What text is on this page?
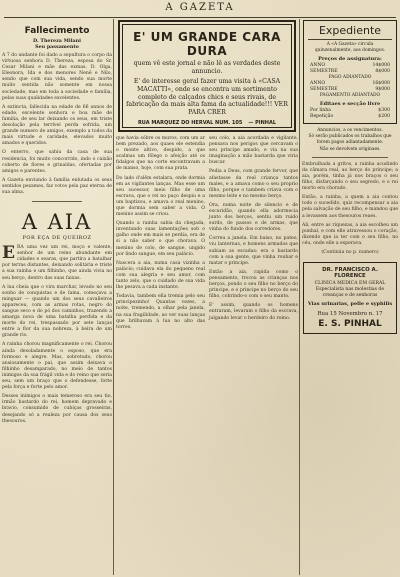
A GAZETA
Fallecimento
D. Thereza Milani
Seu passamento

A 7 do andante foi dado a sepultura o corpo da virtuosa senhora D. Thereza, esposa do Sr. Cesar Milani e mãe das exmas. D. Olga, Eleonora, Ida e dos menores Nenê e Nilo, sendo que com sua vida, sendo sua morte muito sentida não somente em nossa sociedade, mas em toda a sociedade e família, pelas suas qualidades excelentes.

A extincta, fallecida na edade de 66 annos de edade, excelente senhora e boa mãe de família, de seu lar deixando os seus, em triste desolação pela terrível perda sofrida, um grande numero de amigos, exemplo a todos da mais virtude e caridade, elevados muito amados e queridos.

O enterro, que sahiu da casa de sua residencia, foi muito concorrido, indo o caixão coberto de flores e grinaldas, ofertadas por amigos e parentes.

A Gazeta enviando à família enlutada os seus sentidos pezames, faz votos pela paz eterna de sua alma.

A AIA
POR EÇA DE QUEIROZ

ERA uma vez um rei, moço e valente, senhor de um reino abundante em cidades e searas, que partira a batalhar por terras distantes, deixando solitária e triste a sua rainha e um filhinho, que ainda vivia no seu berço, dentro das suas faixas.

A lua cheia que o vira marchar, levado no seu sonho de conquistas e de fama, começava a minguar — quando um dos seus cavalleiros appareceu, com as armas rotas, negro do sangue seco e do pó dos caminhos, trazendo a amarga nova de uma batalha perdida e da morte do rei, trespassado por sete lanças entre a flor da sua nobreza, à beira de um grande rio.

A rainha chorou magnificamente o rei. Chorou ainda desoladamente o esposo, que era formoso e alegre. Mas, sobretudo, chorou ansiosamente o pai, que assim deixava o filhinho desamparado, no meio de tantos inimigos da sua frágil vida e do reino que seria seu, sem um braço que o defendesse, forte pela força e forte pelo amor.

Desses inimigos o mais temeroso era seu tio, irmão bastardo do rei, homem depravado e bravio, consumido de cubiças grosseiras, desejando só a realeza por causa dos seus thesouros.

E' UM GRANDE CARA DURA
quem vê este jornal e não lê as verdades deste annuncio.
E' de interesse geral fazer uma visita à «CASA MACATTI», onde se encontra um sortimento completo de calçados chics e seus rivais, de fabricação da mais alta fama da actualidade!!! VER PARA CRER
RUA MARQUEZ DO HERVAL NUM. 105 — PINHAL

que havia sóbre os muros, com um ar bem prezado, aos quaes ele estendia o monte altivo, despido, a que acalmas um fôlego o afeição até os fidalgos que na corte encontravam a de manso, hoje, com sua prata.

Do lado d'alêm estalara, onde dormia em as vigilantes lanças. Mas esse um seu sucessor, meio filho de uma escrava, que o rei no paço despiu e a um baptizou, e amava o real menino, que dormia sem saber a vida. O menino assim se criou.

Quando a rainha sabia da chegada, inventando suas lamentações sob o galho onde em mais se perdia, era de si a não saber o que chorava. O menino de colo, de sangue, ungido por lindo sangue, em seu palácio.

Nascera a aia, numa casa vizinha a palácio; cuidava ela do pequeno real com sua alegria e seu amor, com tanto zelo, que o cuidado de sua vida lhe pesava a cada instante.

Todavia, tambem ella tremia pelo seu principezinho! Quantas vezes, a noite, tremendo, a olhar pela janela, na sua fragilidade, ao ver suas lanças que brilhavam à lua no alto das torres.

seu colo, a aia acordada e vigilante, pensava nos perigos que cercavam o seu principe amado, e via na sua imaginação a mão bastarda que viria buscar.

Pedia a Deus, com grande fervor, que afastasse da real criança tantos males, e a amava como o seu proprio filho, porque o tambem criava com o mesmo leite e no mesmo berço.

Ora, numa noite de silencio e de escuridão, quando ella adormecia junto dos berços, sentiu um ruido surdo, de passos e de armas, que vinha do fundo dos corredores.

Correu a janela. Em baixo, no pateo, viu lanternas, e homens armados que subiam as escadas: era o bastardo com a sua gente, que vinha roubar e matar o principe.

Então a aia, rapida como o pensamento, trocou as crianças nos berços, pondo o seu filho no berço do principe, e o principe no berço do seu filho, cobrindo-o com o seu manto.

E' assim, quando os homens entraram, levaram o filho da escrava, julgando levar o herdeiro do reino.

Expediente
A «A Gazeta» circula quinzenalmente, aos domingos.
Preços de assignatura:
ANNO	14$000
SEMESTRE	8$000
PAGO ADIANTADO
ANNO	16$000
SEMESTRE	9$000
PAGAMENTO ADIANTADO
Editaes e secção livre
Por linha	$300
Repetição	$200

Annuncios, a os vencimentos.
Só serão publicados os trabalhos que forem pagos adiantadamente.

Não se devolvem originaes.

Embrulhada a gritos, a rainha acudindo da câmara real, ao berço do principe; a aia, porém, tinha já nos braços o seu filho, disfarçando o seu segredo, e o rei morto era chorado.

Então, a rainha, a quem a aia contou todo o sucedido, quiz recompensar a aia pela salvação de seu filho, e mandou que a levassem aos thesouros reaes.

Ali, entre as riquezas, a aia escolheu um punhal, e com elle atravessou o coração, dizendo que ia ter com o seu filho, no céu, onde elle a esperava.

(Continúa no p. numero)

DR. FRANCISCO A. FLORENCE
CLINICA MEDICA EM GERAL
Especialista nas molestias de creanças e de senhoras
Vias urinarias, pelle e syphilis
Rua 15 Novembro n. 17
E. S. PINHAL
